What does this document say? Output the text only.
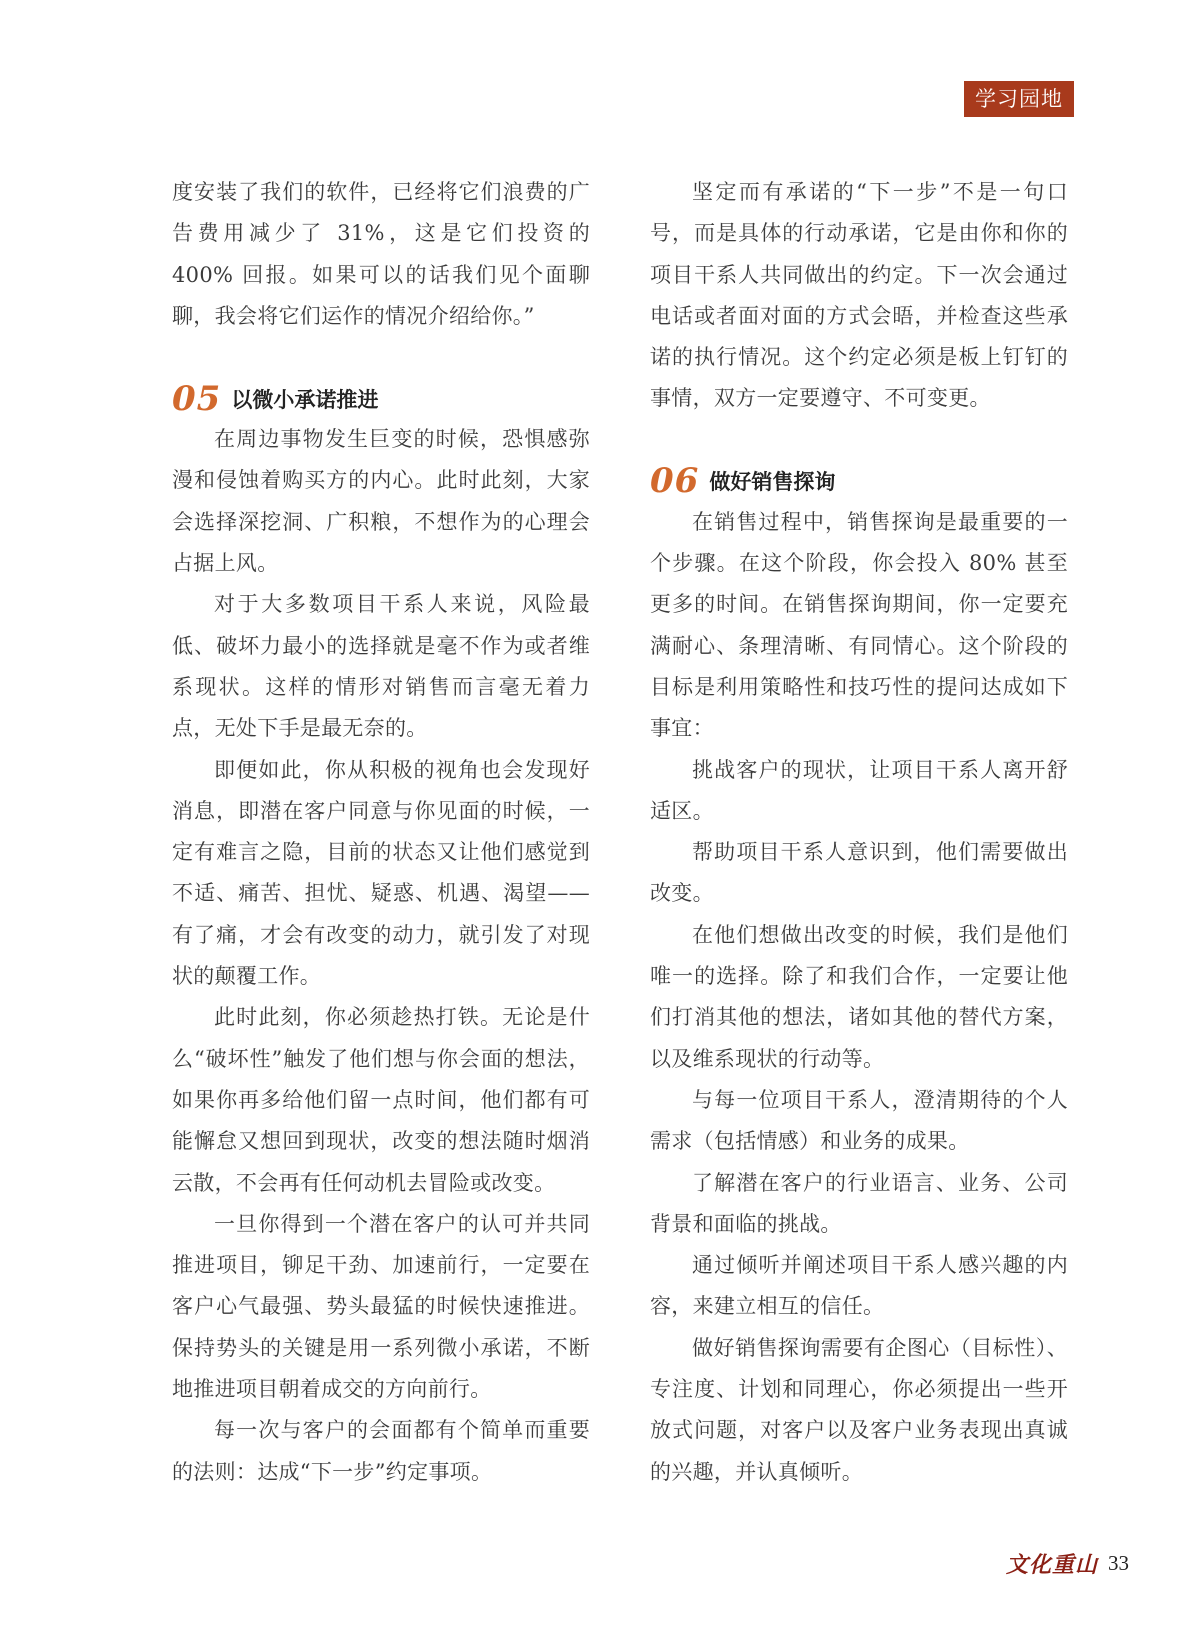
学习园地

度安装了我们的软件，已经将它们浪费的广告费用减少了 31%，这是它们投资的 400% 回报。如果可以的话我们见个面聊聊，我会将它们运作的情况介绍给你。”

05 以微小承诺推进

在周边事物发生巨变的时候，恐惧感弥漫和侵蚀着购买方的内心。此时此刻，大家会选择深挖洞、广积粮，不想作为的心理会占据上风。

对于大多数项目干系人来说，风险最低、破坏力最小的选择就是毫不作为或者维系现状。这样的情形对销售而言毫无着力点，无处下手是最无奈的。

即便如此，你从积极的视角也会发现好消息，即潜在客户同意与你见面的时候，一定有难言之隐，目前的状态又让他们感觉到不适、痛苦、担忧、疑惑、机遇、渴望——有了痛，才会有改变的动力，就引发了对现状的颠覆工作。

此时此刻，你必须趁热打铁。无论是什么“破坏性”触发了他们想与你会面的想法，如果你再多给他们留一点时间，他们都有可能懈怠又想回到现状，改变的想法随时烟消云散，不会再有任何动机去冒险或改变。

一旦你得到一个潜在客户的认可并共同推进项目，铆足干劲、加速前行，一定要在客户心气最强、势头最猛的时候快速推进。保持势头的关键是用一系列微小承诺，不断地推进项目朝着成交的方向前行。

每一次与客户的会面都有个简单而重要的法则：达成“下一步”约定事项。

坚定而有承诺的“下一步”不是一句口号，而是具体的行动承诺，它是由你和你的项目干系人共同做出的约定。下一次会通过电话或者面对面的方式会晤，并检查这些承诺的执行情况。这个约定必须是板上钉钉的事情，双方一定要遵守、不可变更。

06 做好销售探询

在销售过程中，销售探询是最重要的一个步骤。在这个阶段，你会投入 80% 甚至更多的时间。在销售探询期间，你一定要充满耐心、条理清晰、有同情心。这个阶段的目标是利用策略性和技巧性的提问达成如下事宜：

挑战客户的现状，让项目干系人离开舒适区。

帮助项目干系人意识到，他们需要做出改变。

在他们想做出改变的时候，我们是他们唯一的选择。除了和我们合作，一定要让他们打消其他的想法，诸如其他的替代方案，以及维系现状的行动等。

与每一位项目干系人，澄清期待的个人需求（包括情感）和业务的成果。

了解潜在客户的行业语言、业务、公司背景和面临的挑战。

通过倾听并阐述项目干系人感兴趣的内容，来建立相互的信任。

做好销售探询需要有企图心（目标性）、专注度、计划和同理心，你必须提出一些开放式问题，对客户以及客户业务表现出真诚的兴趣，并认真倾听。

文化重山 33
